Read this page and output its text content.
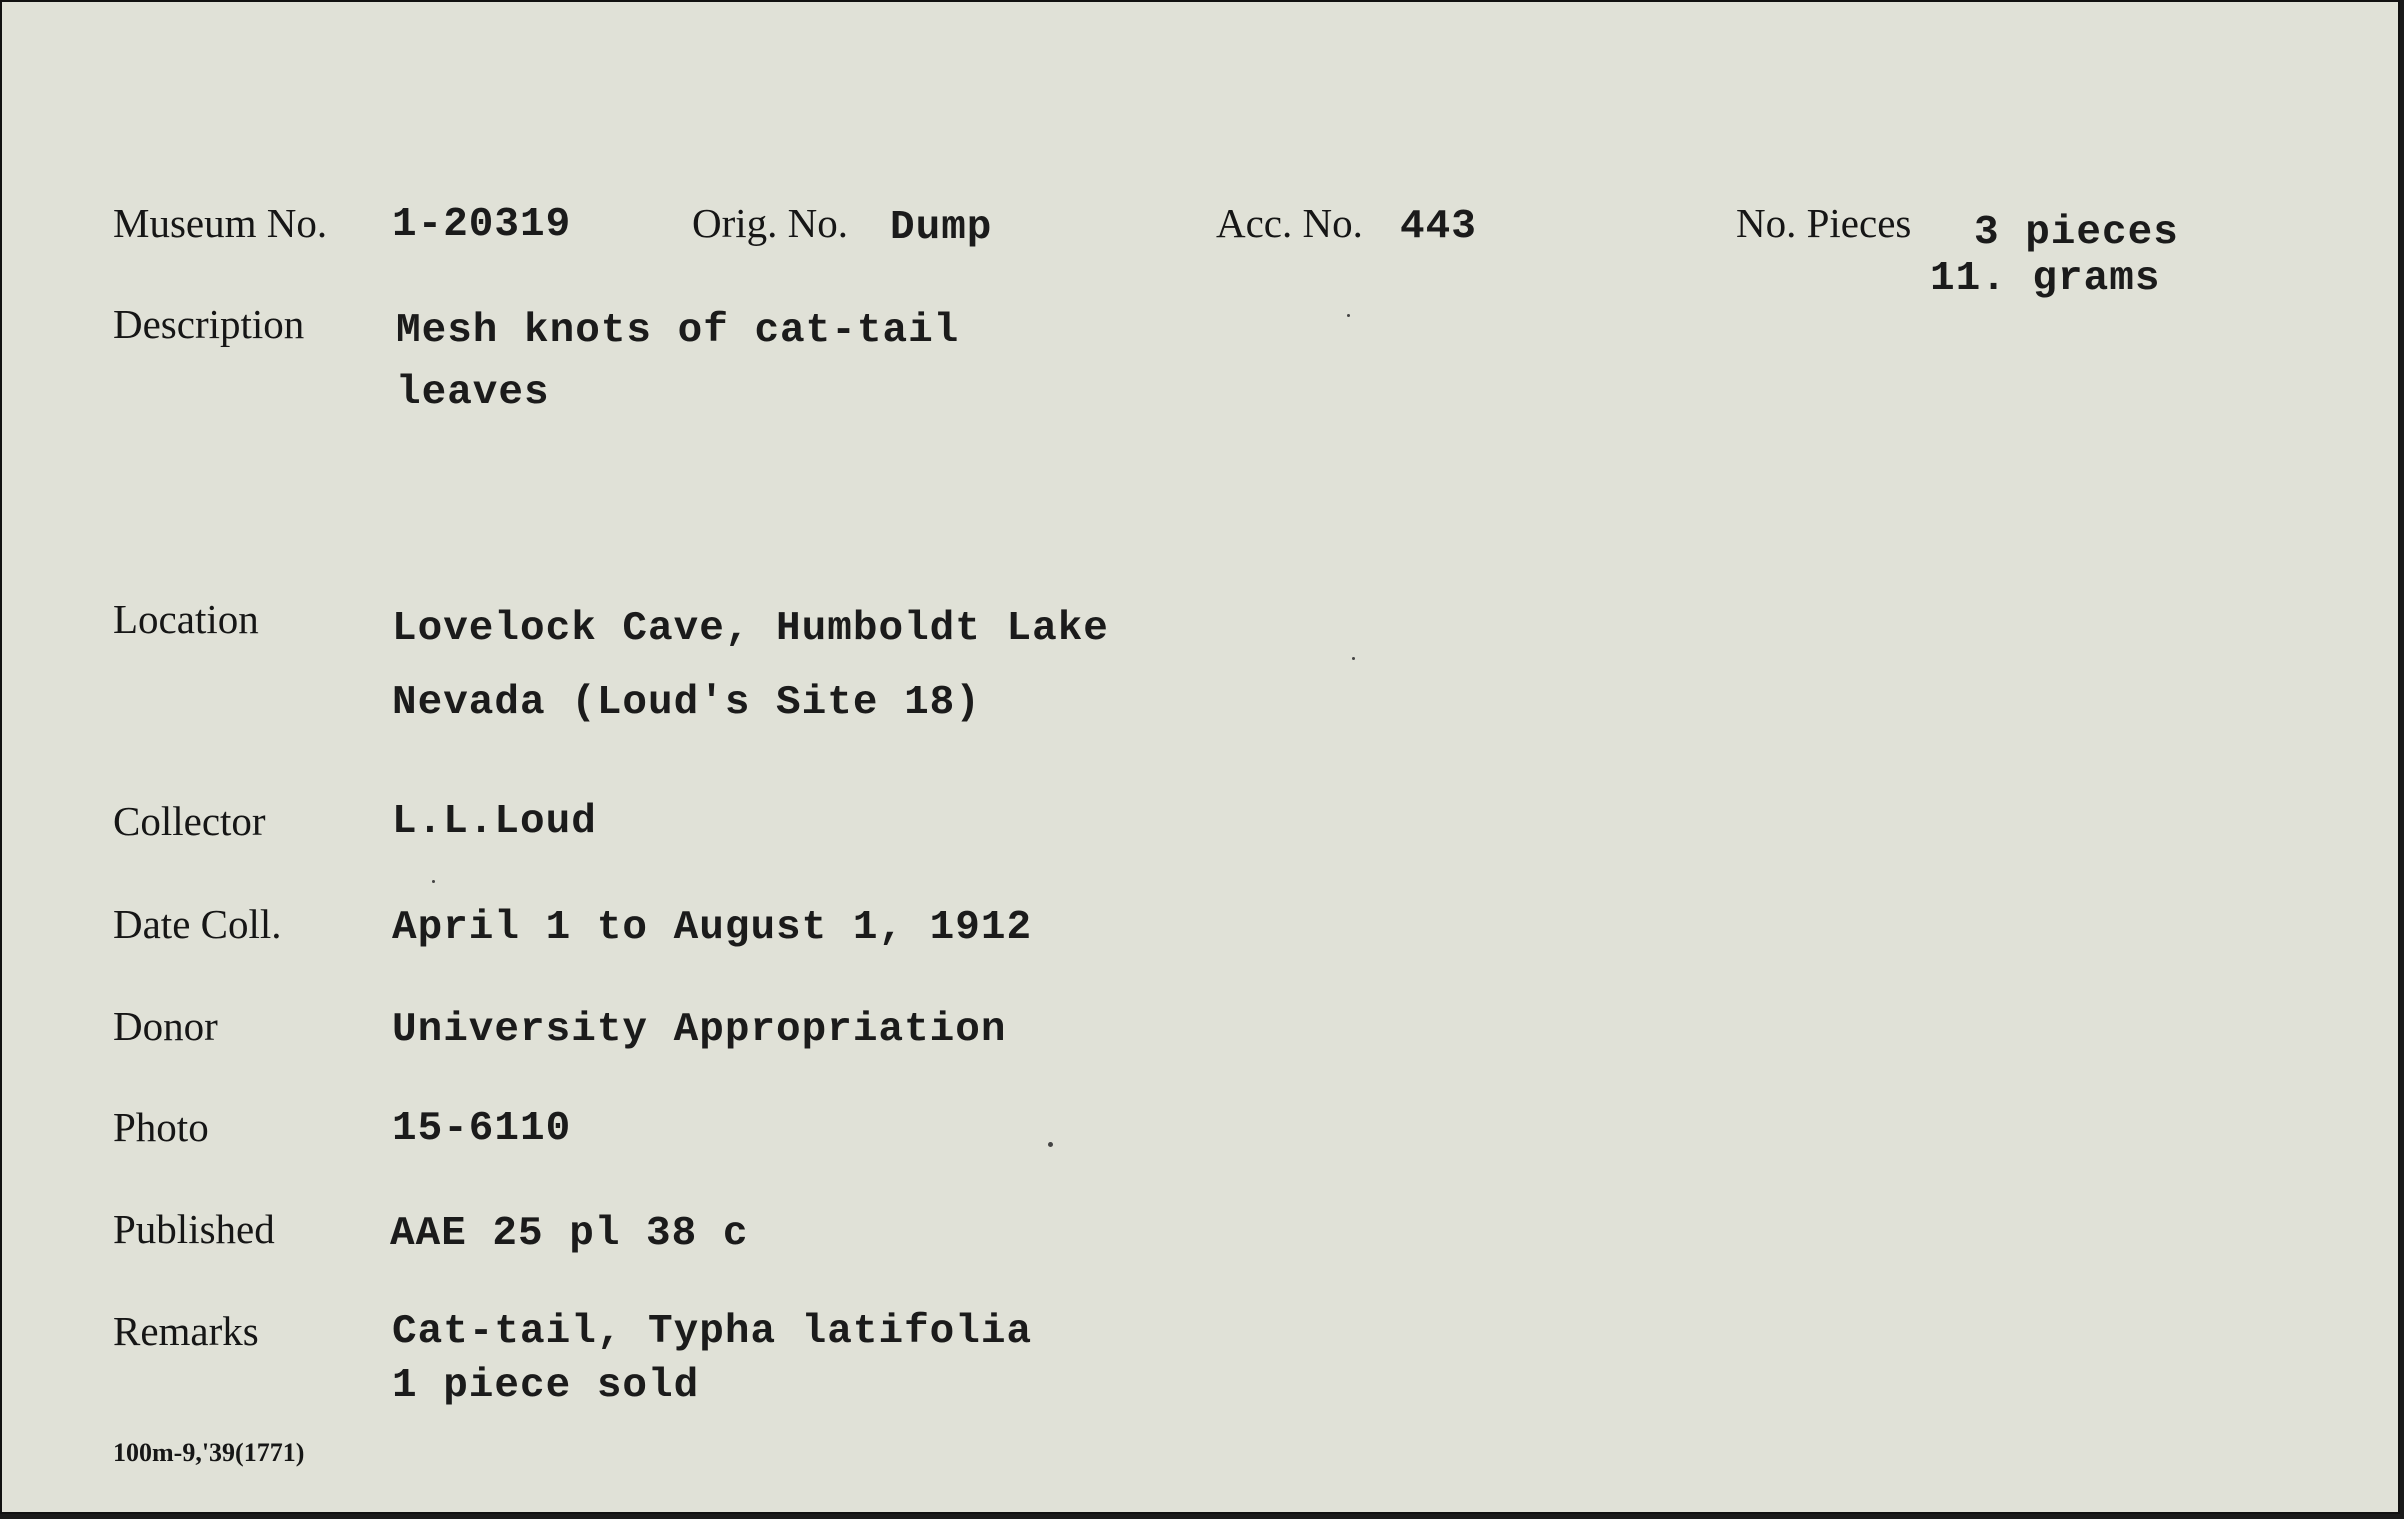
Museum No. 1-20319	Orig. No. Dump	Acc. No. 443	No. Pieces 3 pieces
11. grams
Description Mesh knots of cat-tail
leaves
Location	Lovelock Cave, Humboldt Lake
Nevada (Loud's Site 18)
Collector	L.L.Loud
Date Coll.	April 1 to August 1, 1912
Donor	University Appropriation
Photo	15-6110
Published	AAE 25 pl 38 c
Remarks	Cat-tail, Typha latifolia
1 piece sold
100m-9,'39(1771)
